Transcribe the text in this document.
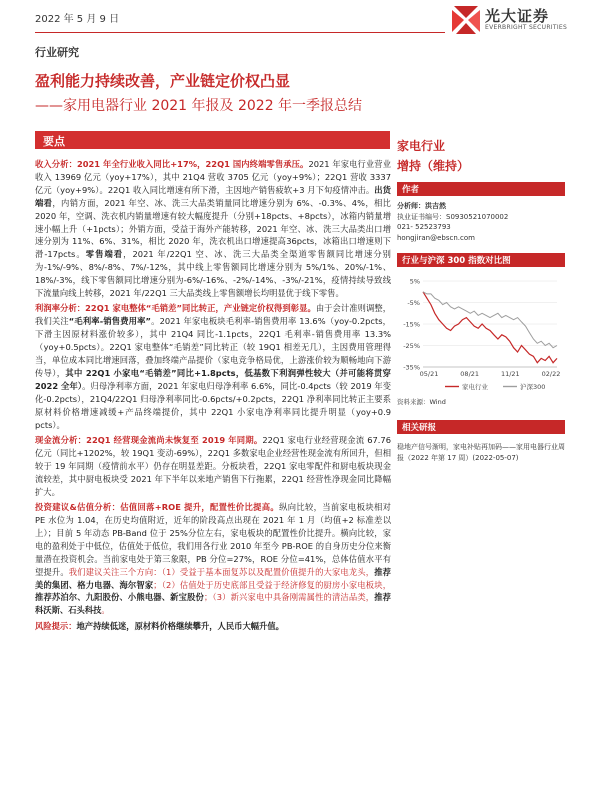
2022 年 5 月 9 日	光大证券
EVERBRIGHT SECURITIES
行业研究
盈利能力持续改善，产业链定价权凸显
——家用电器行业 2021 年报及 2022 年一季报总结
要点

收入分析：2021 年全行业收入同比+17%，22Q1 国内终端零售承压。2021 年家电行业营业收入 13969 亿元（yoy+17%），其中 21Q4 营收 3705 亿元（yoy+9%）；22Q1 营收 3337 亿元（yoy+9%）。22Q1 收入同比增速有所下滑，主因地产销售疲软+3 月下旬疫情冲击。出货端看，内销方面，2021 年空、冰、洗三大品类销量同比增速分别为 6%、-0.3%、4%，相比 2020 年，空调、洗衣机内销量增速有较大幅度提升（分别+18pcts、+8pcts），冰箱内销量增速小幅上升（+1pcts）；外销方面，受益于海外产能转移，2021 年空、冰、洗三大品类出口增速分别为 11%、6%、31%，相比 2020 年，洗衣机出口增速提高36pcts，冰箱出口增速则下滑-17pcts。零售端看，2021 年/22Q1 空、冰、洗三大品类全渠道零售额同比增速分别为-1%/-9%、8%/-8%、7%/-12%，其中线上零售额同比增速分别为 5%/1%、20%/-1%、18%/-3%，线下零售额同比增速分别为-6%/-16%、-2%/-14%、-3%/-21%，疫情持续导致线下流量向线上转移，2021 年/22Q1 三大品类线上零售额增长均明显优于线下零售。

利润率分析：22Q1 家电整体“毛销差”同比转正，产业链定价权得到彰显。由于会计准则调整，我们关注“毛利率-销售费用率”。2021 年家电板块毛利率-销售费用率 13.6%（yoy-0.2pcts，下滑主因原材料涨价较多），其中 21Q4 同比-1.1pcts，22Q1 毛利率-销售费用率 13.3%（yoy+0.5pcts）。22Q1 家电整体“毛销差”同比转正（较 19Q1 相差无几），主因费用管理得当，单位成本同比增速回落，叠加终端产品提价（家电竞争格局优，上游涨价较为顺畅地向下游传导），其中 22Q1 小家电“毛销差”同比+1.8pcts，低基数下利润弹性较大（并可能将贯穿 2022 全年）。归母净利率方面，2021 年家电归母净利率 6.6%，同比-0.4pcts（较 2019 年变化-0.2pcts），21Q4/22Q1 归母净利率同比-0.6pcts/+0.2pcts，22Q1 净利率同比转正主要系原材料价格增速减缓+产品终端提价，其中 22Q1 小家电净利率同比提升明显（yoy+0.9 pcts）。

现金流分析：22Q1 经营现金流尚未恢复至 2019 年同期。22Q1 家电行业经营现金流 67.76 亿元（同比+1202%，较 19Q1 变动-69%），22Q1 多数家电企业经营性现金流有所回升，但相较于 19 年同期（疫情前水平）仍存在明显差距。分板块看，22Q1 家电零配件和厨电板块现金流较差，其中厨电板块受 2021 年下半年以来地产销售下行拖累，22Q1 经营性净现金同比降幅扩大。

投资建议&估值分析：估值回落+ROE 提升，配置性价比提高。纵向比较，当前家电板块相对 PE 水位为 1.04，在历史均值附近，近年的阶段高点出现在 2021 年 1 月（均值+2 标准差以上）；目前 5 年动态 PB-Band 位于 25%分位左右，家电板块的配置性价比提升。横向比较，家电的盈利处于中低位，估值处于低位，我们用各行业 2010 年至今 PB-ROE 的自身历史分位来衡量潜在投资机会。当前家电处于第三象限，PB 分位=27%，ROE 分位=41%，总体估值水平有望提升。我们建议关注三个方向：（1）受益于基本面复苏以及配置价值提升的大家电龙头，推荐美的集团、格力电器、海尔智家；（2）估值处于历史底部且受益于经济修复的厨房小家电板块，推荐苏泊尔、九阳股份、小熊电器、新宝股份；（3）新兴家电中具备刚需属性的清洁品类，推荐科沃斯、石头科技。

风险提示：地产持续低迷，原材料价格继续攀升，人民币大幅升值。

家电行业
增持（维持）
作者
分析师：洪吉然
执业证书编号：S0930521070002
021- 52523793
hongjiran@ebscn.com
行业与沪深 300 指数对比图
-35%
-25%
-15%
-5%
5%
05/21	08/21	11/21	02/22
家电行业	沪深300
资料来源：Wind
相关研报
稳地产信号渐明，家电补贴再加码——家用电器行业周报（2022 年第 17 周）(2022-05-07)
